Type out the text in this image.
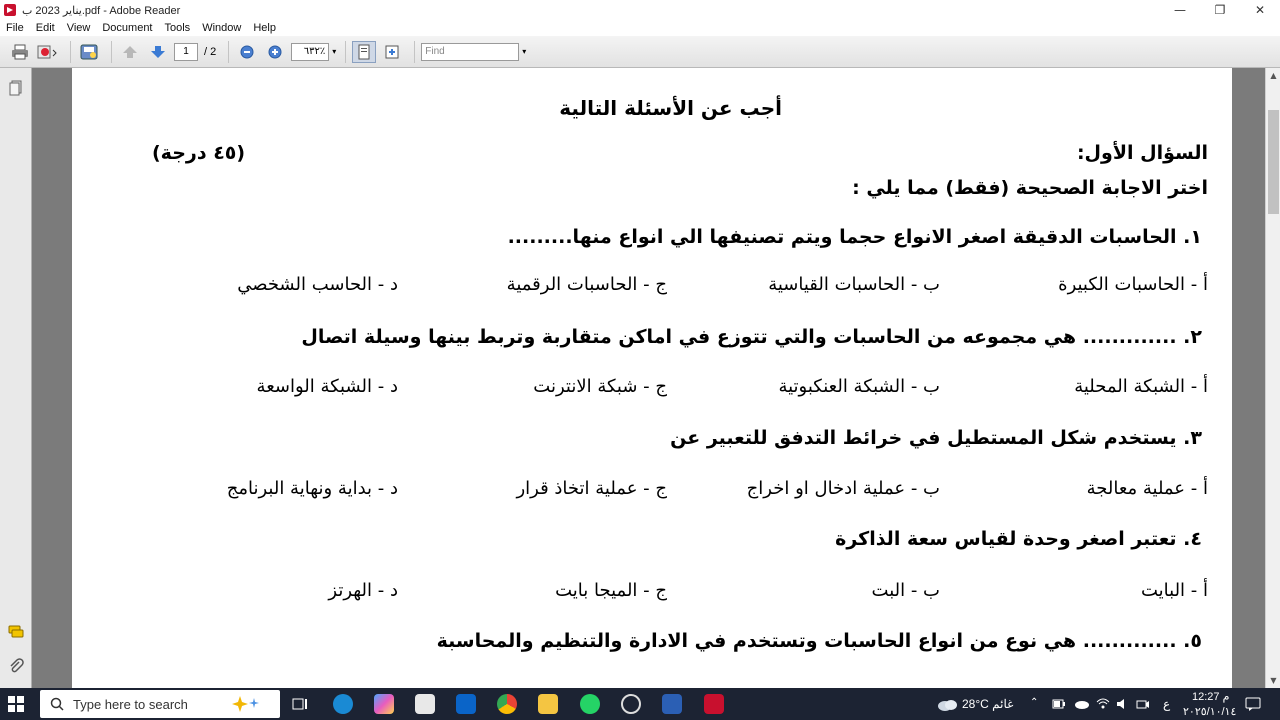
يناير 2023 ب.pdf - Adobe Reader	—	❐	✕
File	Edit	View	Document	Tools	Window	Help
1	/ 2	٦٣٢٪ ▾	Find	▾
أجب عن الأسئلة التالية
السؤال الأول:
(٤٥ درجة)
اختر الاجابة الصحيحة (فقط) مما يلي :
١. الحاسبات الدقيقة اصغر الانواع حجما ويتم تصنيفها الي انواع منها.........
أ - الحاسبات الكبيرة
ب - الحاسبات القياسية
ج - الحاسبات الرقمية
د - الحاسب الشخصي
٢. ............. هي مجموعه من الحاسبات والتي تتوزع في اماكن متقاربة وتربط بينها وسيلة اتصال
أ - الشبكة المحلية
ب - الشبكة العنكبوتية
ج - شبكة الانترنت
د - الشبكة الواسعة
٣. يستخدم شكل المستطيل في خرائط التدفق للتعبير عن
أ - عملية معالجة
ب - عملية ادخال او اخراج
ج - عملية اتخاذ قرار
د - بداية ونهاية البرنامج
٤. تعتبر اصغر وحدة لقياس سعة الذاكرة
أ - البايت
ب - البت
ج - الميجا بايت
د - الهرتز
٥. ............. هي نوع من انواع الحاسبات وتستخدم في الادارة والتنظيم والمحاسبة
▲
▼
Type here to search	28°C غائم ⌃	ع 12:27 م
٢٠٢٥/١٠/١٤
